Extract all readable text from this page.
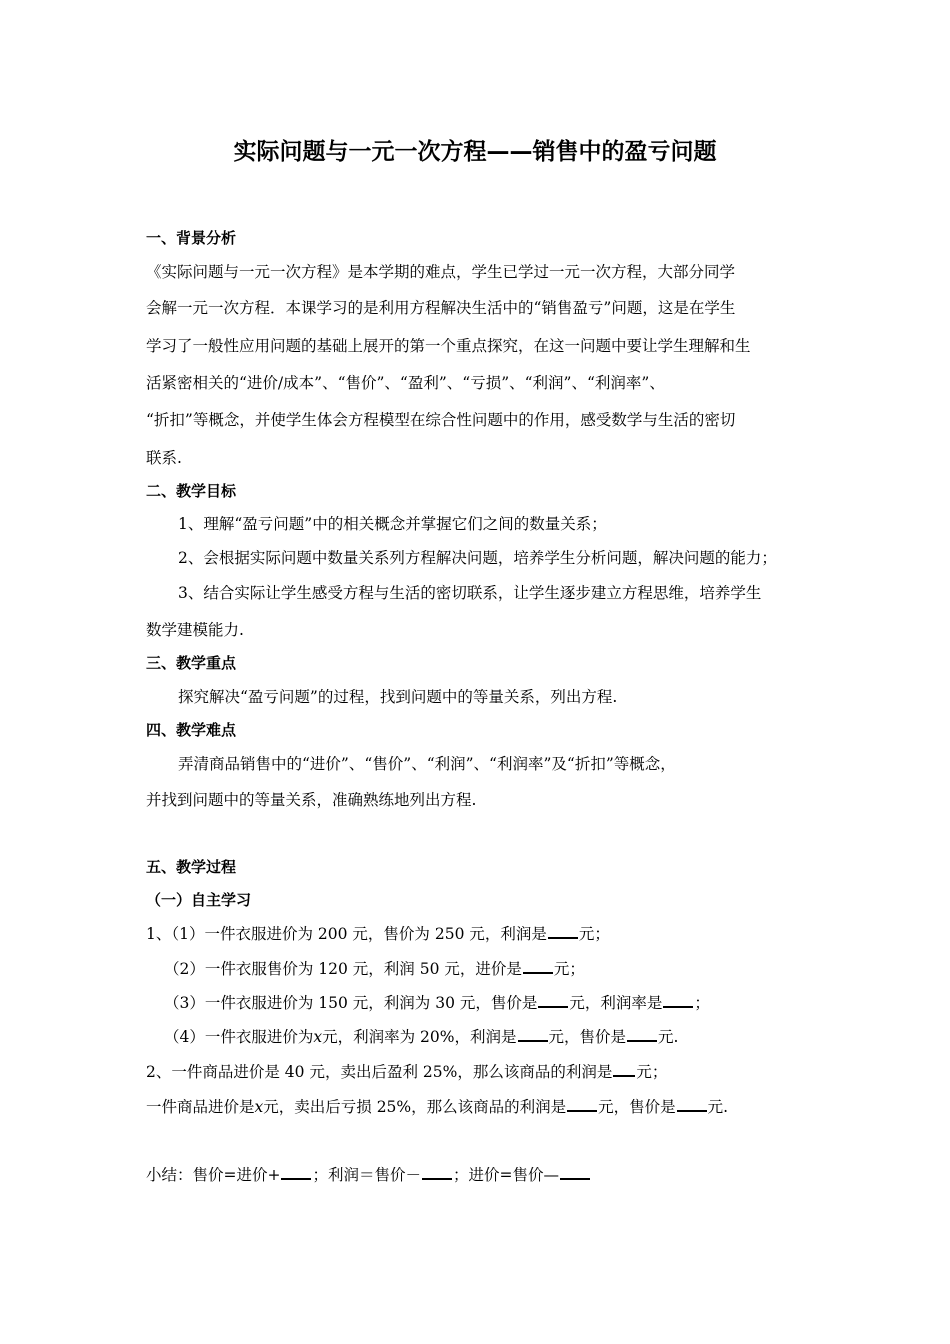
实际问题与一元一次方程——销售中的盈亏问题
一、背景分析
《实际问题与一元一次方程》是本学期的难点，学生已学过一元一次方程，大部分同学
会解一元一次方程．本课学习的是利用方程解决生活中的“销售盈亏”问题，这是在学生
学习了一般性应用问题的基础上展开的第一个重点探究，在这一问题中要让学生理解和生
活紧密相关的“进价/成本”、“售价”、“盈利”、“亏损”、“利润”、“利润率”、
“折扣”等概念，并使学生体会方程模型在综合性问题中的作用，感受数学与生活的密切
联系.
二、教学目标
1、理解“盈亏问题”中的相关概念并掌握它们之间的数量关系；
2、会根据实际问题中数量关系列方程解决问题，培养学生分析问题，解决问题的能力；
3、结合实际让学生感受方程与生活的密切联系，让学生逐步建立方程思维，培养学生
数学建模能力.
三、教学重点
探究解决“盈亏问题”的过程，找到问题中的等量关系，列出方程.
四、教学难点
弄清商品销售中的“进价”、“售价”、“利润”、“利润率”及“折扣”等概念，
并找到问题中的等量关系，准确熟练地列出方程.
五、教学过程
（一）自主学习
1、（1）一件衣服进价为 200 元，售价为 250 元，利润是 元；
（2）一件衣服售价为 120 元，利润 50 元，进价是 元；
（3）一件衣服进价为 150 元，利润为 30 元，售价是 元，利润率是 ；
（4）一件衣服进价为x元，利润率为 20%，利润是 元，售价是 元.
2、一件商品进价是 40 元，卖出后盈利 25%，那么该商品的利润是 元；
一件商品进价是x元，卖出后亏损 25%，那么该商品的利润是 元，售价是 元.
小结：售价=进价+ ；利润＝售价－ ；进价=售价—
